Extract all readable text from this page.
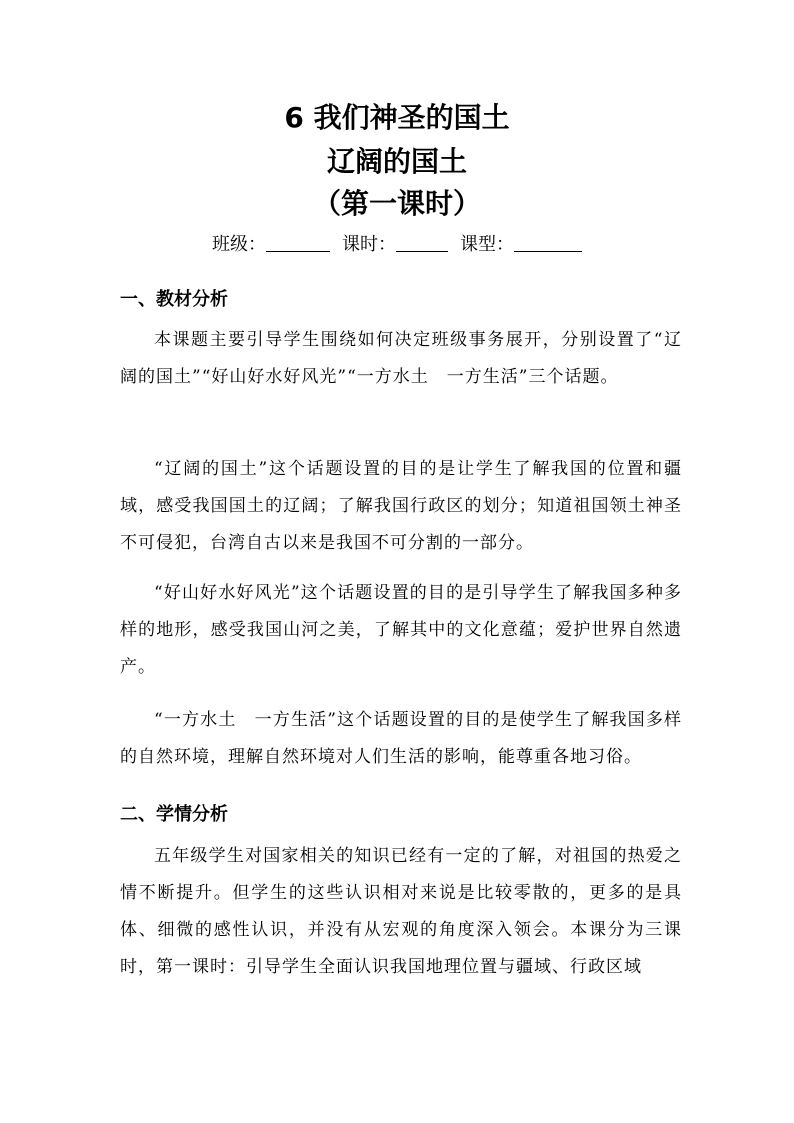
6 我们神圣的国土
辽阔的国土
（第一课时）
班级：	课时：	课型：
一、教材分析
本课题主要引导学生围绕如何决定班级事务展开，分别设置了“辽阔的国土”“好山好水好风光”“一方水土　一方生活”三个话题。
“辽阔的国土”这个话题设置的目的是让学生了解我国的位置和疆域，感受我国国土的辽阔；了解我国行政区的划分；知道祖国领土神圣不可侵犯，台湾自古以来是我国不可分割的一部分。
“好山好水好风光”这个话题设置的目的是引导学生了解我国多种多样的地形，感受我国山河之美，了解其中的文化意蕴；爱护世界自然遗产。
“一方水土　一方生活”这个话题设置的目的是使学生了解我国多样的自然环境，理解自然环境对人们生活的影响，能尊重各地习俗。
二、学情分析
五年级学生对国家相关的知识已经有一定的了解，对祖国的热爱之情不断提升。但学生的这些认识相对来说是比较零散的，更多的是具体、细微的感性认识，并没有从宏观的角度深入领会。本课分为三课时，第一课时：引导学生全面认识我国地理位置与疆域、行政区域
